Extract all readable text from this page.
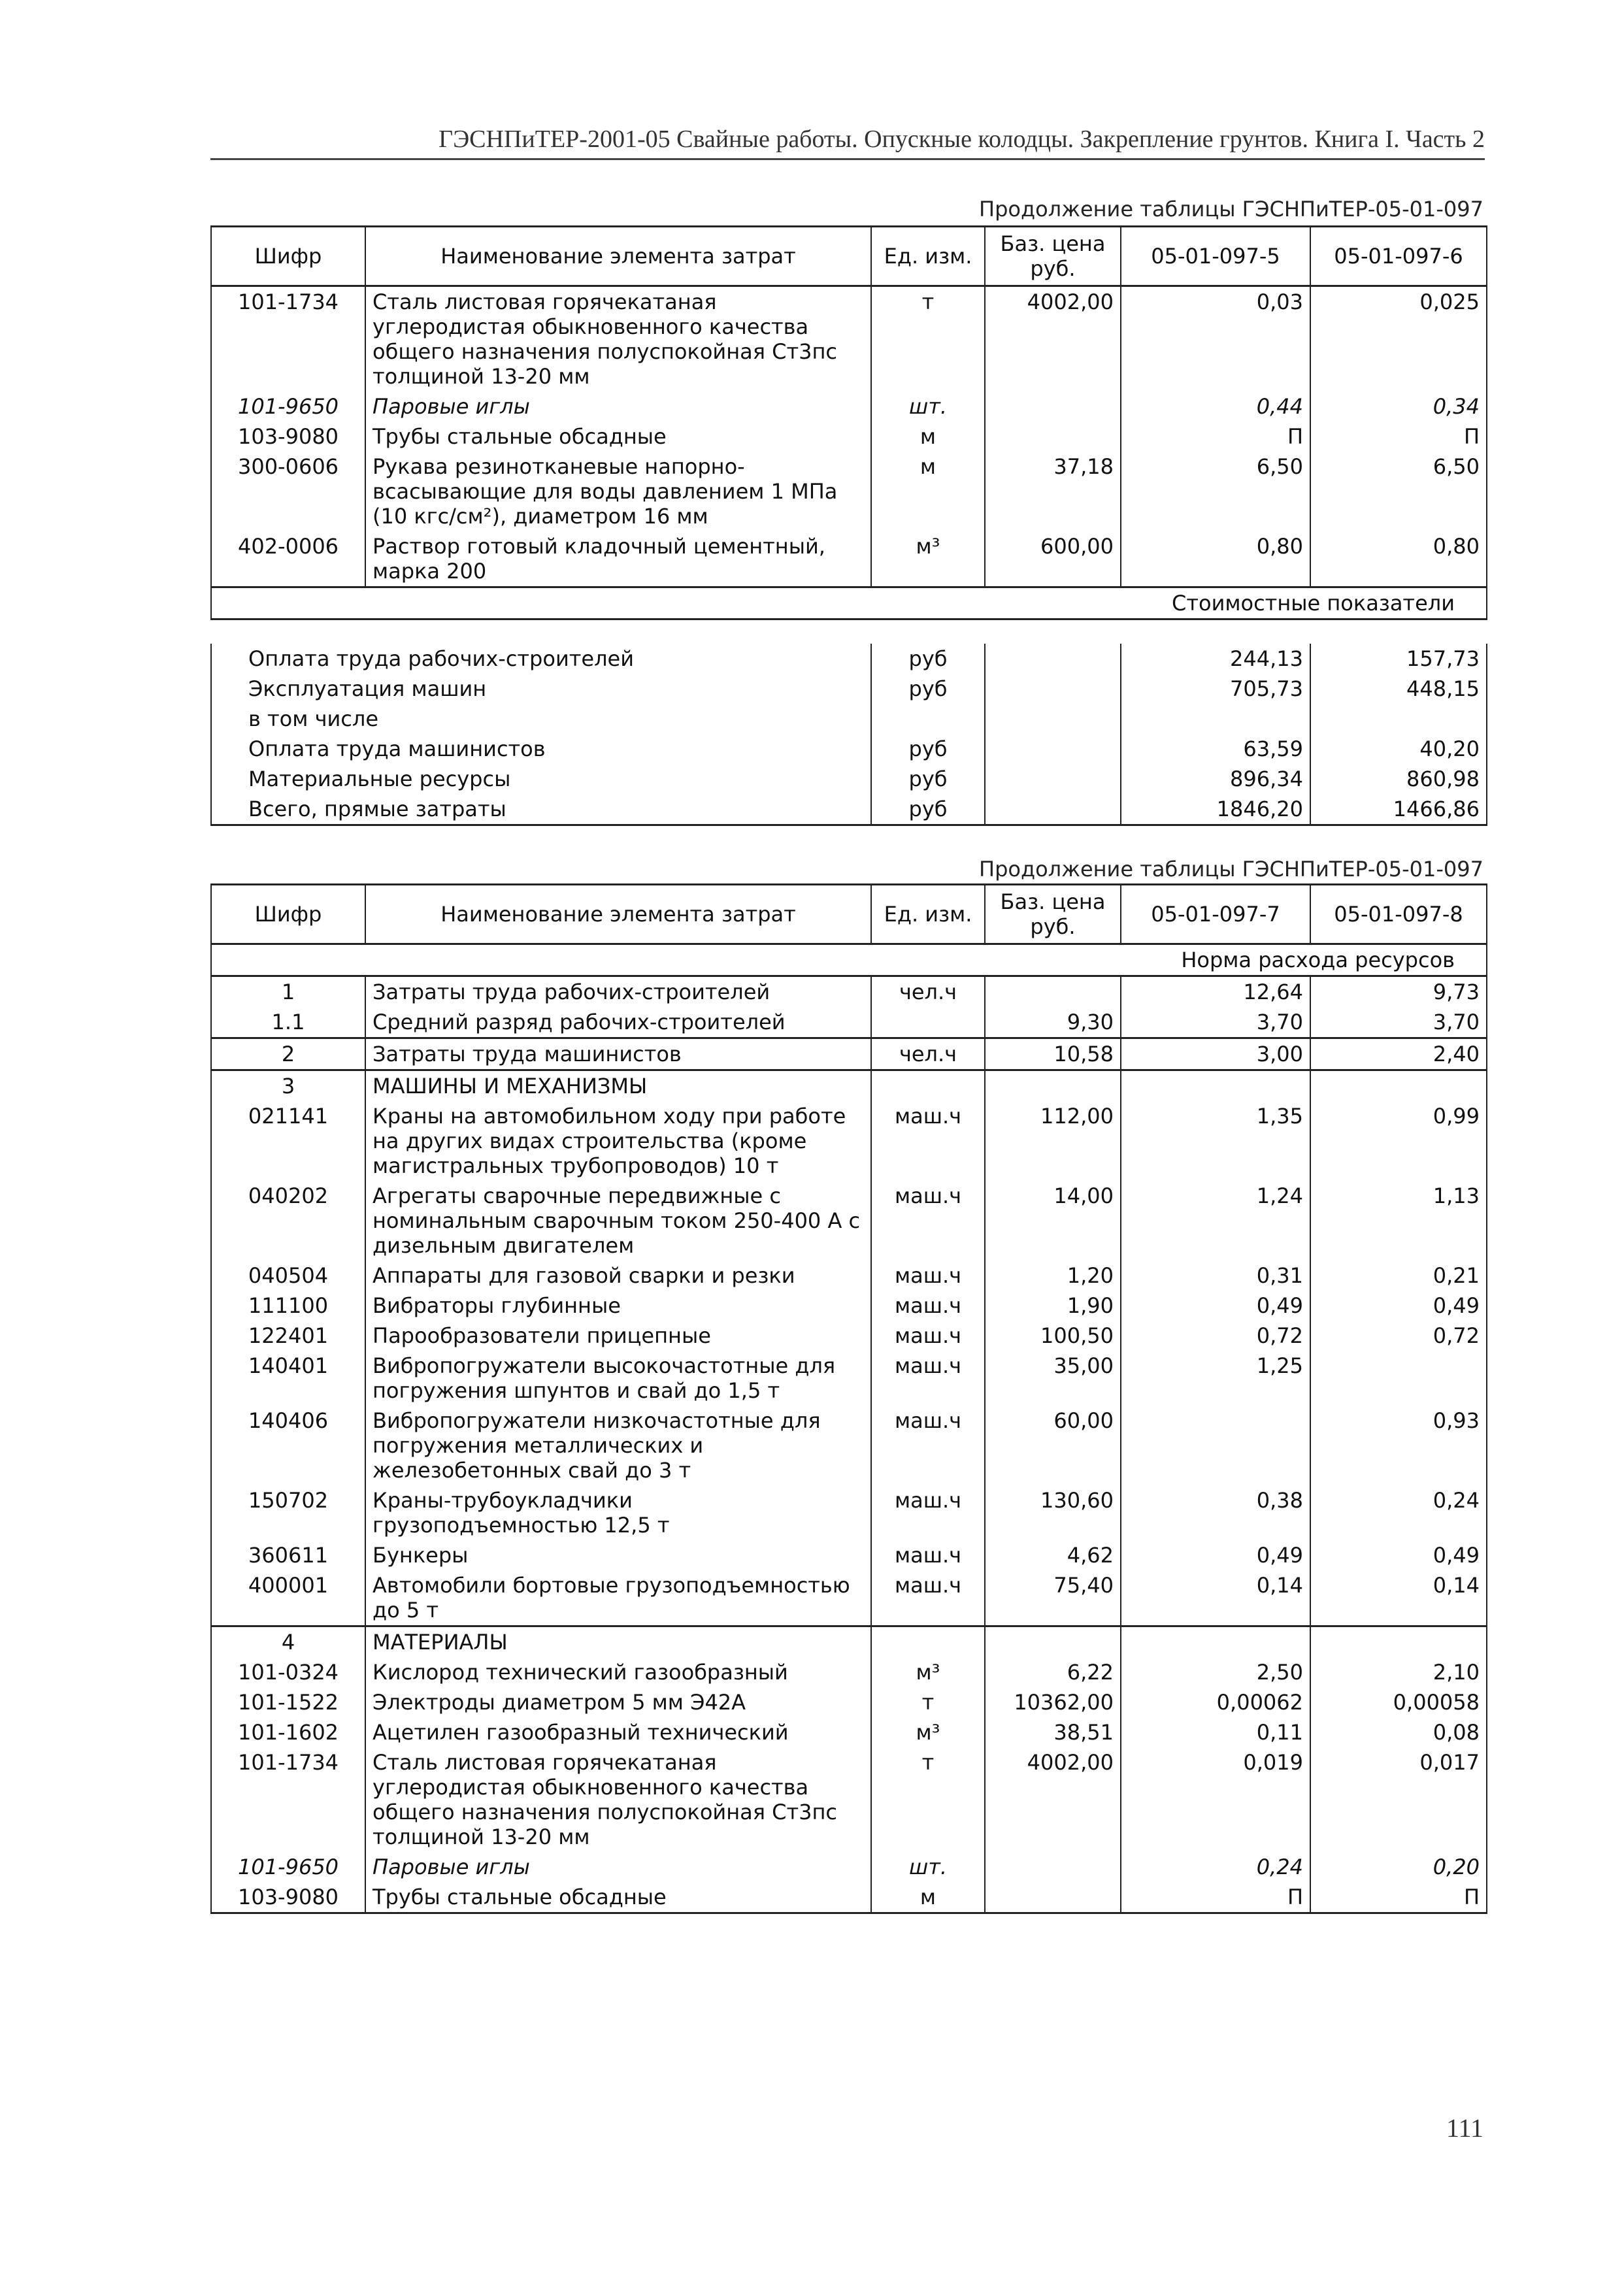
ГЭСНПиТЕР-2001-05 Свайные работы. Опускные колодцы. Закрепление грунтов. Книга I. Часть 2
Продолжение таблицы ГЭСНПиТЕР-05-01-097
Шифр	Наименование элемента затрат	Ед. изм.	Баз. цена руб.	05-01-097-5	05-01-097-6
101-1734	Сталь листовая горячекатаная углеродистая обыкновенного качества общего назначения полуспокойная Ст3пс толщиной 13-20 мм	т	4002,00	0,03	0,025
101-9650	Паровые иглы	шт.		0,44	0,34
103-9080	Трубы стальные обсадные	м		П	П
300-0606	Рукава резинотканевые напорно-всасывающие для воды давлением 1 МПа (10 кгс/см²), диаметром 16 мм	м	37,18	6,50	6,50
402-0006	Раствор готовый кладочный цементный, марка 200	м³	600,00	0,80	0,80
Стоимостные показатели					
Оплата труда рабочих-строителей	руб		244,13	157,73
Эксплуатация машин	руб		705,73	448,15
в том числе				
Оплата труда машинистов	руб		63,59	40,20
Материальные ресурсы	руб		896,34	860,98
Всего, прямые затраты	руб		1846,20	1466,86
Продолжение таблицы ГЭСНПиТЕР-05-01-097
Шифр	Наименование элемента затрат	Ед. изм.	Баз. цена руб.	05-01-097-7	05-01-097-8
Норма расхода ресурсов					
1	Затраты труда рабочих-строителей	чел.ч		12,64	9,73
1.1	Средний разряд рабочих-строителей		9,30	3,70	3,70
2	Затраты труда машинистов	чел.ч	10,58	3,00	2,40
3	МАШИНЫ И МЕХАНИЗМЫ				
021141	Краны на автомобильном ходу при работе на других видах строительства (кроме магистральных трубопроводов) 10 т	маш.ч	112,00	1,35	0,99
040202	Агрегаты сварочные передвижные с номинальным сварочным током 250-400 А с дизельным двигателем	маш.ч	14,00	1,24	1,13
040504	Аппараты для газовой сварки и резки	маш.ч	1,20	0,31	0,21
111100	Вибраторы глубинные	маш.ч	1,90	0,49	0,49
122401	Парообразователи прицепные	маш.ч	100,50	0,72	0,72
140401	Вибропогружатели высокочастотные для погружения шпунтов и свай до 1,5 т	маш.ч	35,00	1,25	
140406	Вибропогружатели низкочастотные для погружения металлических и железобетонных свай до 3 т	маш.ч	60,00		0,93
150702	Краны-трубоукладчики грузоподъемностью 12,5 т	маш.ч	130,60	0,38	0,24
360611	Бункеры	маш.ч	4,62	0,49	0,49
400001	Автомобили бортовые грузоподъемностью до 5 т	маш.ч	75,40	0,14	0,14
4	МАТЕРИАЛЫ				
101-0324	Кислород технический газообразный	м³	6,22	2,50	2,10
101-1522	Электроды диаметром 5 мм Э42А	т	10362,00	0,00062	0,00058
101-1602	Ацетилен газообразный технический	м³	38,51	0,11	0,08
101-1734	Сталь листовая горячекатаная углеродистая обыкновенного качества общего назначения полуспокойная Ст3пс толщиной 13-20 мм	т	4002,00	0,019	0,017
101-9650	Паровые иглы	шт.		0,24	0,20
103-9080	Трубы стальные обсадные	м		П	П
111
